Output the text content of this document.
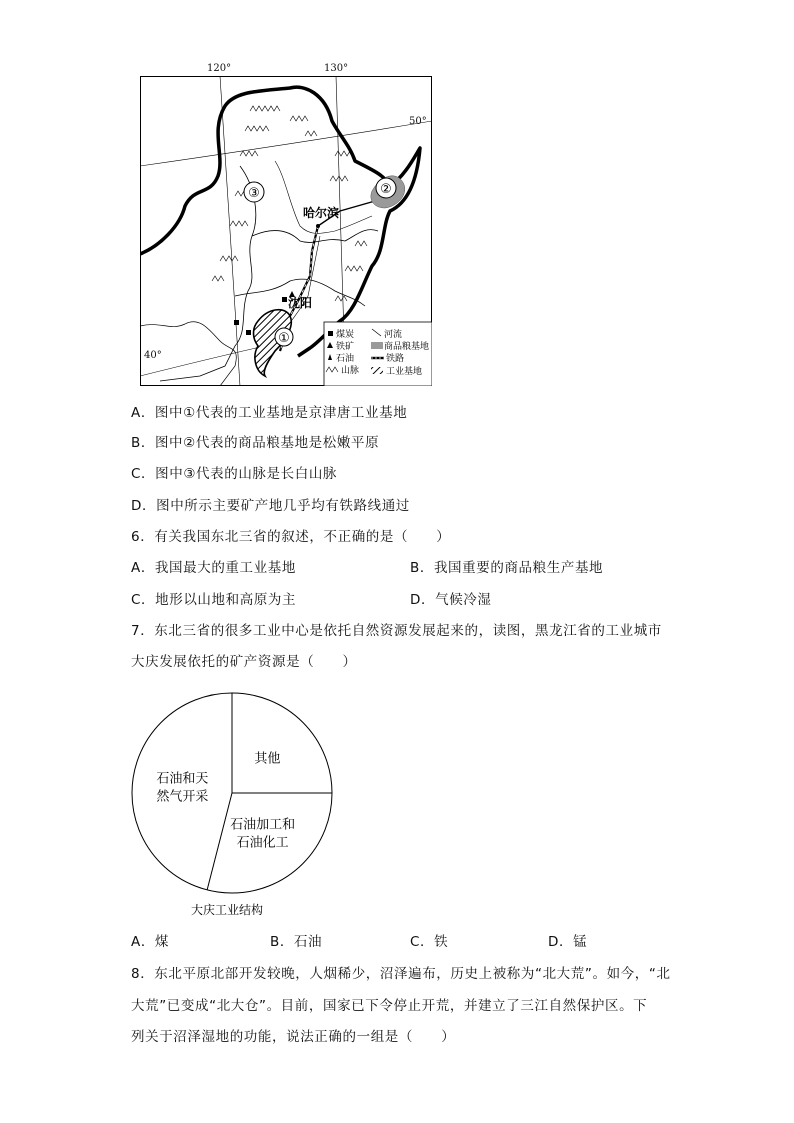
②
③
①
哈尔滨
沈阳
煤炭
铁矿
石油
山脉
河流
商品粮基地
铁路
工业基地
120°	130°
50°
40°
A．图中①代表的工业基地是京津唐工业基地
B．图中②代表的商品粮基地是松嫩平原
C．图中③代表的山脉是长白山脉
D．图中所示主要矿产地几乎均有铁路线通过
6．有关我国东北三省的叙述，不正确的是（　　）
A．我国最大的重工业基地	B．我国重要的商品粮生产基地
C．地形以山地和高原为主	D．气候冷湿
7．东北三省的很多工业中心是依托自然资源发展起来的，读图，黑龙江省的工业城市
大庆发展依托的矿产资源是（　　）
其他
石油加工和石油化工
石油和天然气开采
大庆工业结构
A．煤	B．石油	C．铁	D．锰
8．东北平原北部开发较晚，人烟稀少，沼泽遍布，历史上被称为“北大荒”。如今，“北
大荒”已变成“北大仓”。目前，国家已下令停止开荒，并建立了三江自然保护区。下
列关于沼泽湿地的功能，说法正确的一组是（　　）
